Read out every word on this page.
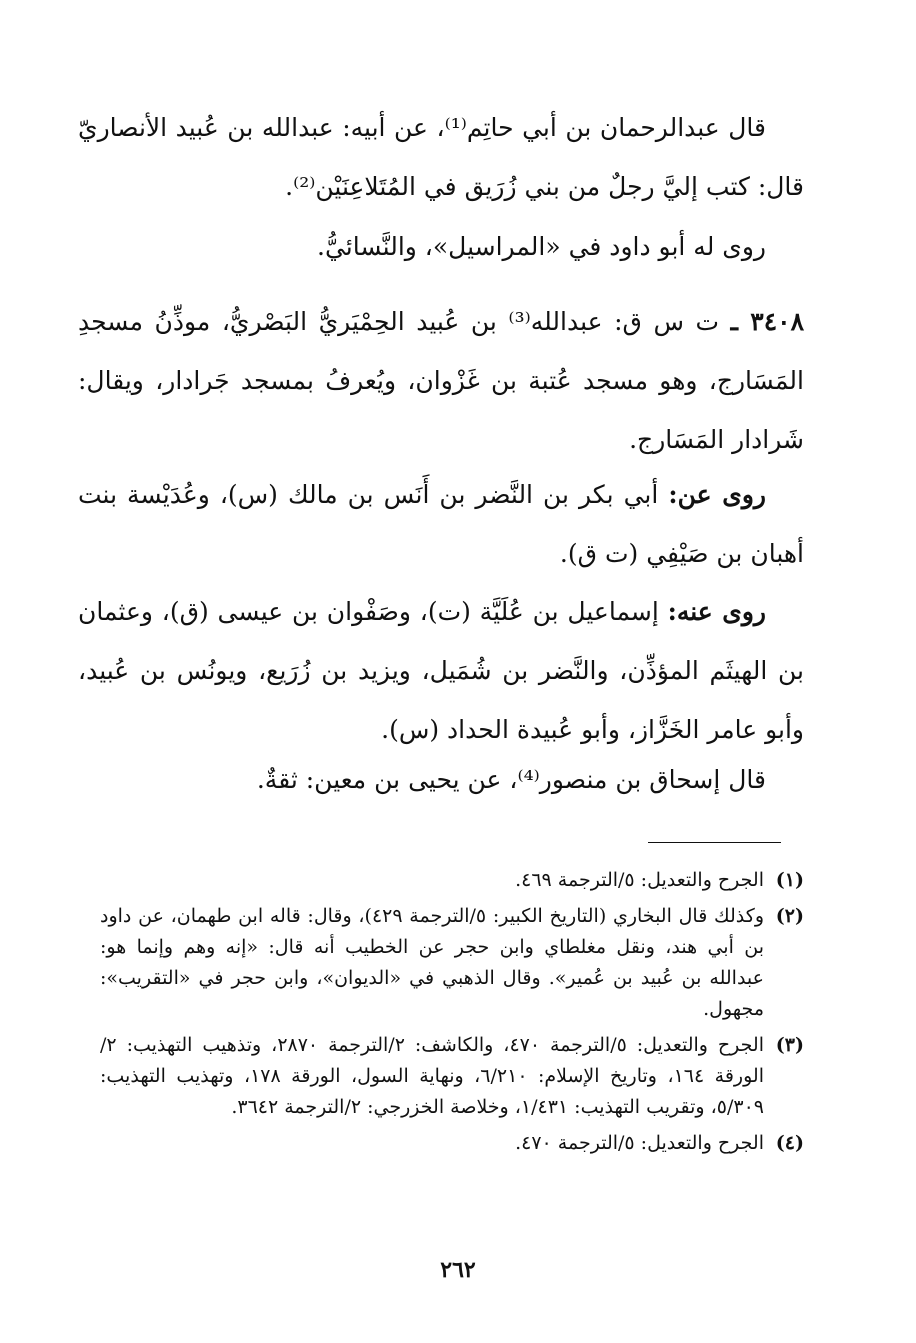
قال عبدالرحمان بن أبي حاتِم⁽¹⁾، عن أبيه: عبدالله بن عُبيد الأنصاريّ قال: كتب إليَّ رجلٌ من بني زُرَيق في المُتَلاعِنَيْن⁽²⁾.

روى له أبو داود في «المراسيل»، والنَّسائيُّ.

٣٤٠٨ ـ ت س ق: عبدالله⁽³⁾ بن عُبيد الحِمْيَريُّ البَصْريُّ، موذِّنُ مسجدِ المَسَارج، وهو مسجد عُتبة بن غَزْوان، ويُعرفُ بمسجد جَرادار، ويقال: شَرادار المَسَارج.

روى عن: أبي بكر بن النَّضر بن أَنَس بن مالك (س)، وعُدَيْسة بنت أهبان بن صَيْفِي (ت ق).

روى عنه: إسماعيل بن عُلَيَّة (ت)، وصَفْوان بن عيسى (ق)، وعثمان بن الهيثَم المؤذِّن، والنَّضر بن شُمَيل، ويزيد بن زُرَيع، ويونُس بن عُبيد، وأبو عامر الخَزَّاز، وأبو عُبيدة الحداد (س).

قال إسحاق بن منصور⁽⁴⁾، عن يحيى بن معين: ثقةٌ.

(١)
الجرح والتعديل: ٥/الترجمة ٤٦٩.
(٢)
وكذلك قال البخاري (التاريخ الكبير: ٥/الترجمة ٤٢٩)، وقال: قاله ابن طهمان، عن داود بن أبي هند، ونقل مغلطاي وابن حجر عن الخطيب أنه قال: «إنه وهم وإنما هو: عبدالله بن عُبيد بن عُمير». وقال الذهبي في «الديوان»، وابن حجر في «التقريب»: مجهول.
(٣)
الجرح والتعديل: ٥/الترجمة ٤٧٠، والكاشف: ٢/الترجمة ٢٨٧٠، وتذهيب التهذيب: ٢/الورقة ١٦٤، وتاريخ الإسلام: ٦/٢١٠، ونهاية السول، الورقة ١٧٨، وتهذيب التهذيب: ٥/٣٠٩، وتقريب التهذيب: ١/٤٣١، وخلاصة الخزرجي: ٢/الترجمة ٣٦٤٢.
(٤)
الجرح والتعديل: ٥/الترجمة ٤٧٠.
٢٦٢
